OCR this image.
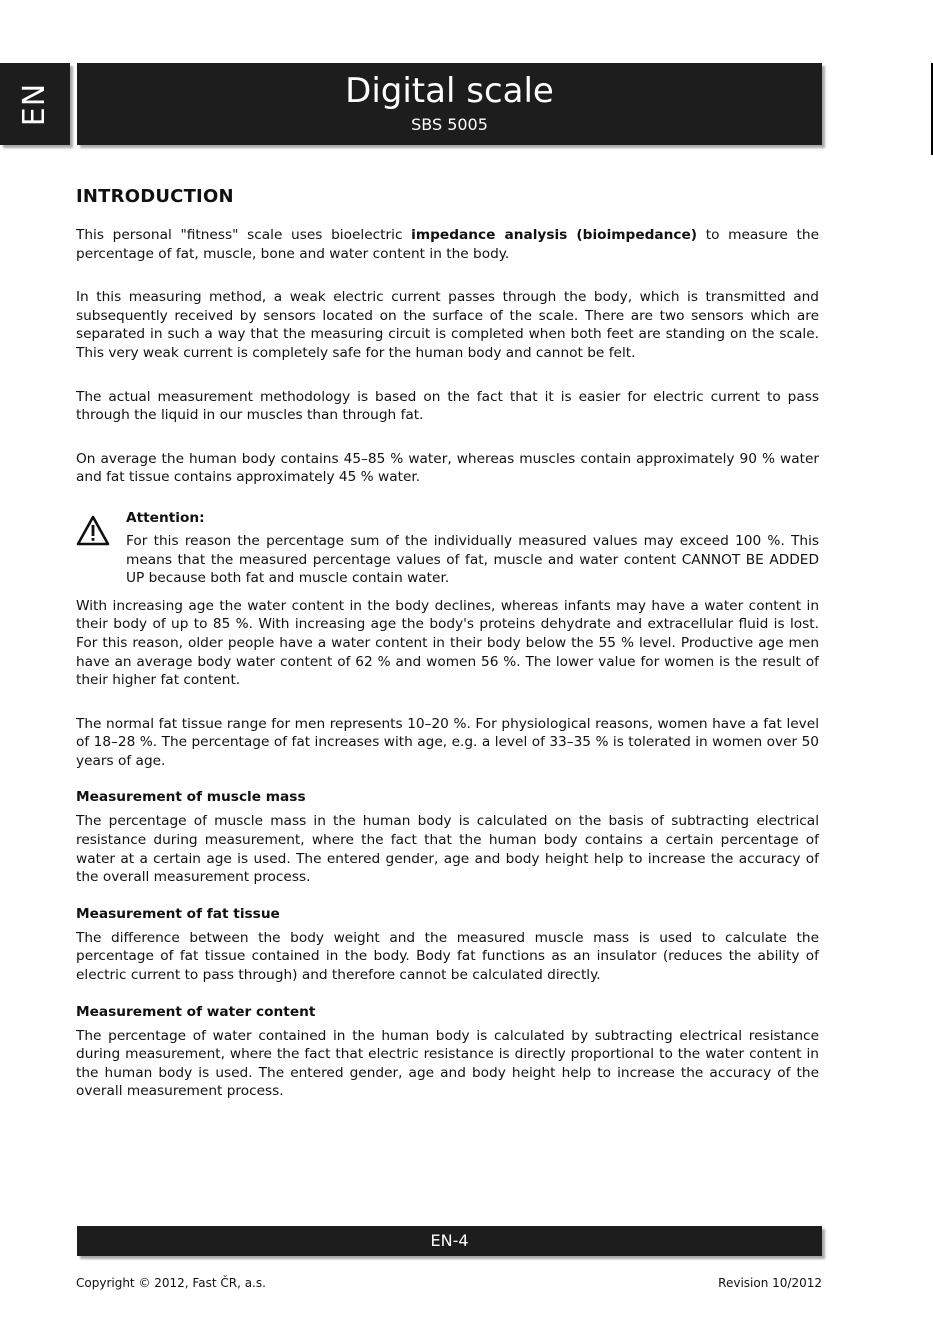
EN	Digital scale
SBS 5005
INTRODUCTION

This personal "fitness" scale uses bioelectric impedance analysis (bioimpedance) to measure the percentage of fat, muscle, bone and water content in the body.

In this measuring method, a weak electric current passes through the body, which is transmitted and subsequently received by sensors located on the surface of the scale. There are two sensors which are separated in such a way that the measuring circuit is completed when both feet are standing on the scale. This very weak current is completely safe for the human body and cannot be felt.

The actual measurement methodology is based on the fact that it is easier for electric current to pass through the liquid in our muscles than through fat.

On average the human body contains 45–85 % water, whereas muscles contain approximately 90 % water and fat tissue contains approximately 45 % water.

Attention:

For this reason the percentage sum of the individually measured values may exceed 100 %. This means that the measured percentage values of fat, muscle and water content CANNOT BE ADDED UP because both fat and muscle contain water.

With increasing age the water content in the body declines, whereas infants may have a water content in their body of up to 85 %. With increasing age the body's proteins dehydrate and extracellular fluid is lost. For this reason, older people have a water content in their body below the 55 % level. Productive age men have an average body water content of 62 % and women 56 %. The lower value for women is the result of their higher fat content.

The normal fat tissue range for men represents 10–20 %. For physiological reasons, women have a fat level of 18–28 %. The percentage of fat increases with age, e.g. a level of 33–35 % is tolerated in women over 50 years of age.

Measurement of muscle mass

The percentage of muscle mass in the human body is calculated on the basis of subtracting electrical resistance during measurement, where the fact that the human body contains a certain percentage of water at a certain age is used. The entered gender, age and body height help to increase the accuracy of the overall measurement process.

Measurement of fat tissue

The difference between the body weight and the measured muscle mass is used to calculate the percentage of fat tissue contained in the body. Body fat functions as an insulator (reduces the ability of electric current to pass through) and therefore cannot be calculated directly.

Measurement of water content

The percentage of water contained in the human body is calculated by subtracting electrical resistance during measurement, where the fact that electric resistance is directly proportional to the water content in the human body is used. The entered gender, age and body height help to increase the accuracy of the overall measurement process.

EN-4
Copyright © 2012, Fast ČR, a.s.	Revision 10/2012
